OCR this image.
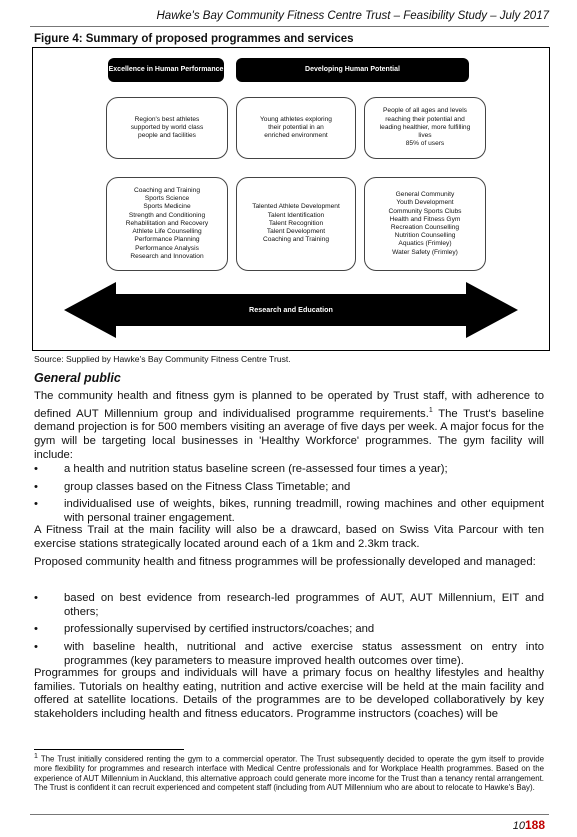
Hawke's Bay Community Fitness Centre Trust – Feasibility Study – July 2017
Figure 4: Summary of proposed programmes and services
Excellence in Human Performance	Developing Human Potential
Region's best athletes
supported by world class
people and facilities
Young athletes exploring
their potential in an
enriched environment
People of all ages and levels
reaching their potential and
leading healthier, more fulfilling
lives
85% of users
Coaching and Training
Sports Science
Sports Medicine
Strength and Conditioning
Rehabilitation and Recovery
Athlete Life Counselling
Performance Planning
Performance Analysis
Research and Innovation
Talented Athlete Development
Talent Identification
Talent Recognition
Talent Development
Coaching and Training
General Community
Youth Development
Community Sports Clubs
Health and Fitness Gym
Recreation Counselling
Nutrition Counselling
Aquatics (Frimley)
Water Safety (Frimley)
Research and Education
Source: Supplied by Hawke's Bay Community Fitness Centre Trust.
General public
The community health and fitness gym is planned to be operated by Trust staff, with adherence to defined AUT Millennium group and individualised programme requirements.$^1$ The Trust's baseline demand projection is for 500 members visiting an average of five days per week. A major focus for the gym will be targeting local businesses in 'Healthy Workforce' programmes. The gym facility will include:
• a health and nutrition status baseline screen (re-assessed four times a year);
• group classes based on the Fitness Class Timetable; and
• individualised use of weights, bikes, running treadmill, rowing machines and other equipment with personal trainer engagement.
A Fitness Trail at the main facility will also be a drawcard, based on Swiss Vita Parcour with ten exercise stations strategically located around each of a 1km and 2.3km track.
Proposed community health and fitness programmes will be professionally developed and managed:
• based on best evidence from research-led programmes of AUT, AUT Millennium, EIT and others;
• professionally supervised by certified instructors/coaches; and
• with baseline health, nutritional and active exercise status assessment on entry into programmes (key parameters to measure improved health outcomes over time).
Programmes for groups and individuals will have a primary focus on healthy lifestyles and healthy families. Tutorials on healthy eating, nutrition and active exercise will be held at the main facility and offered at satellite locations. Details of the programmes are to be developed collaboratively by key stakeholders including health and fitness educators. Programme instructors (coaches) will be
$^1$ The Trust initially considered renting the gym to a commercial operator. The Trust subsequently decided to operate the gym itself to provide more flexibility for programmes and research interface with Medical Centre professionals and for Workplace Health programmes. Based on the experience of AUT Millennium in Auckland, this alternative approach could generate more income for the Trust than a tenancy rental arrangement. The Trust is confident it can recruit experienced and competent staff (including from AUT Millennium who are about to relocate to Hawke's Bay).
10188
